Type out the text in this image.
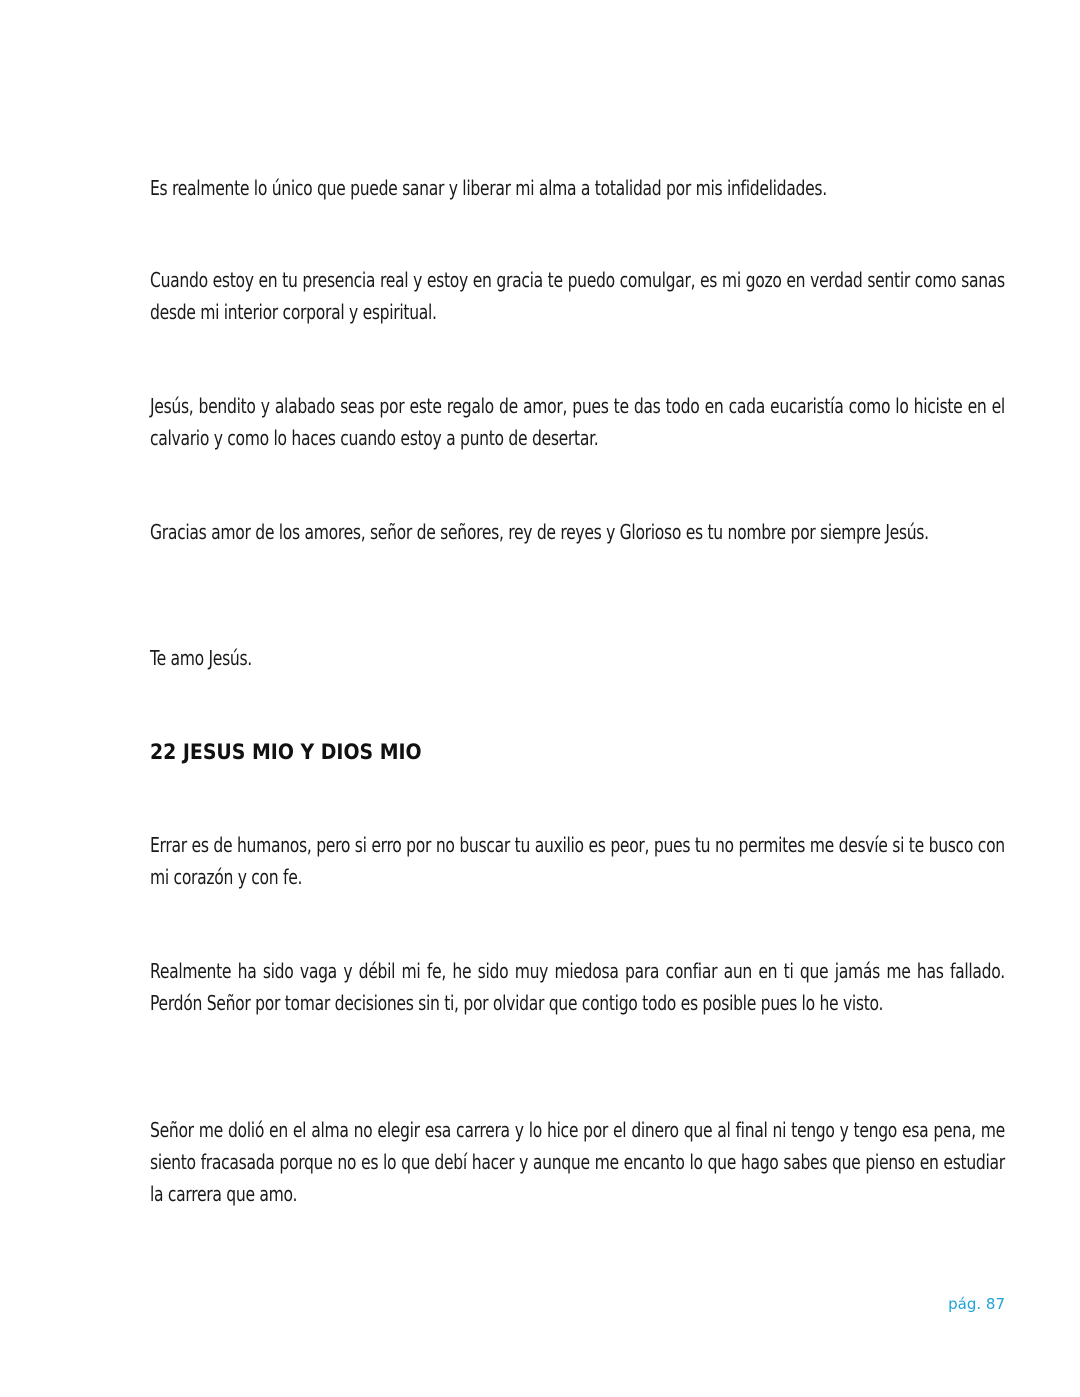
Es realmente lo único que puede sanar y liberar mi alma a totalidad por mis infidelidades.

Cuando estoy en tu presencia real y estoy en gracia te puedo comulgar, es mi gozo en verdad sentir como sanas desde mi interior corporal y espiritual.

Jesús, bendito y alabado seas por este regalo de amor, pues te das todo en cada eucaristía como lo hiciste en el calvario y como lo haces cuando estoy a punto de desertar.

Gracias amor de los amores, señor de señores, rey de reyes y Glorioso es tu nombre por siempre Jesús.

Te amo Jesús.

22 JESUS MIO Y DIOS MIO

Errar es de humanos, pero si erro por no buscar tu auxilio es peor, pues tu no permites me desvíe si te busco con mi corazón y con fe.

Realmente ha sido vaga y débil mi fe, he sido muy miedosa para confiar aun en ti que jamás me has fallado. Perdón Señor por tomar decisiones sin ti, por olvidar que contigo todo es posible pues lo he visto.

Señor me dolió en el alma no elegir esa carrera y lo hice por el dinero que al final ni tengo y tengo esa pena, me siento fracasada porque no es lo que debí hacer y aunque me encanto lo que hago sabes que pienso en estudiar la carrera que amo.

pág. 87
